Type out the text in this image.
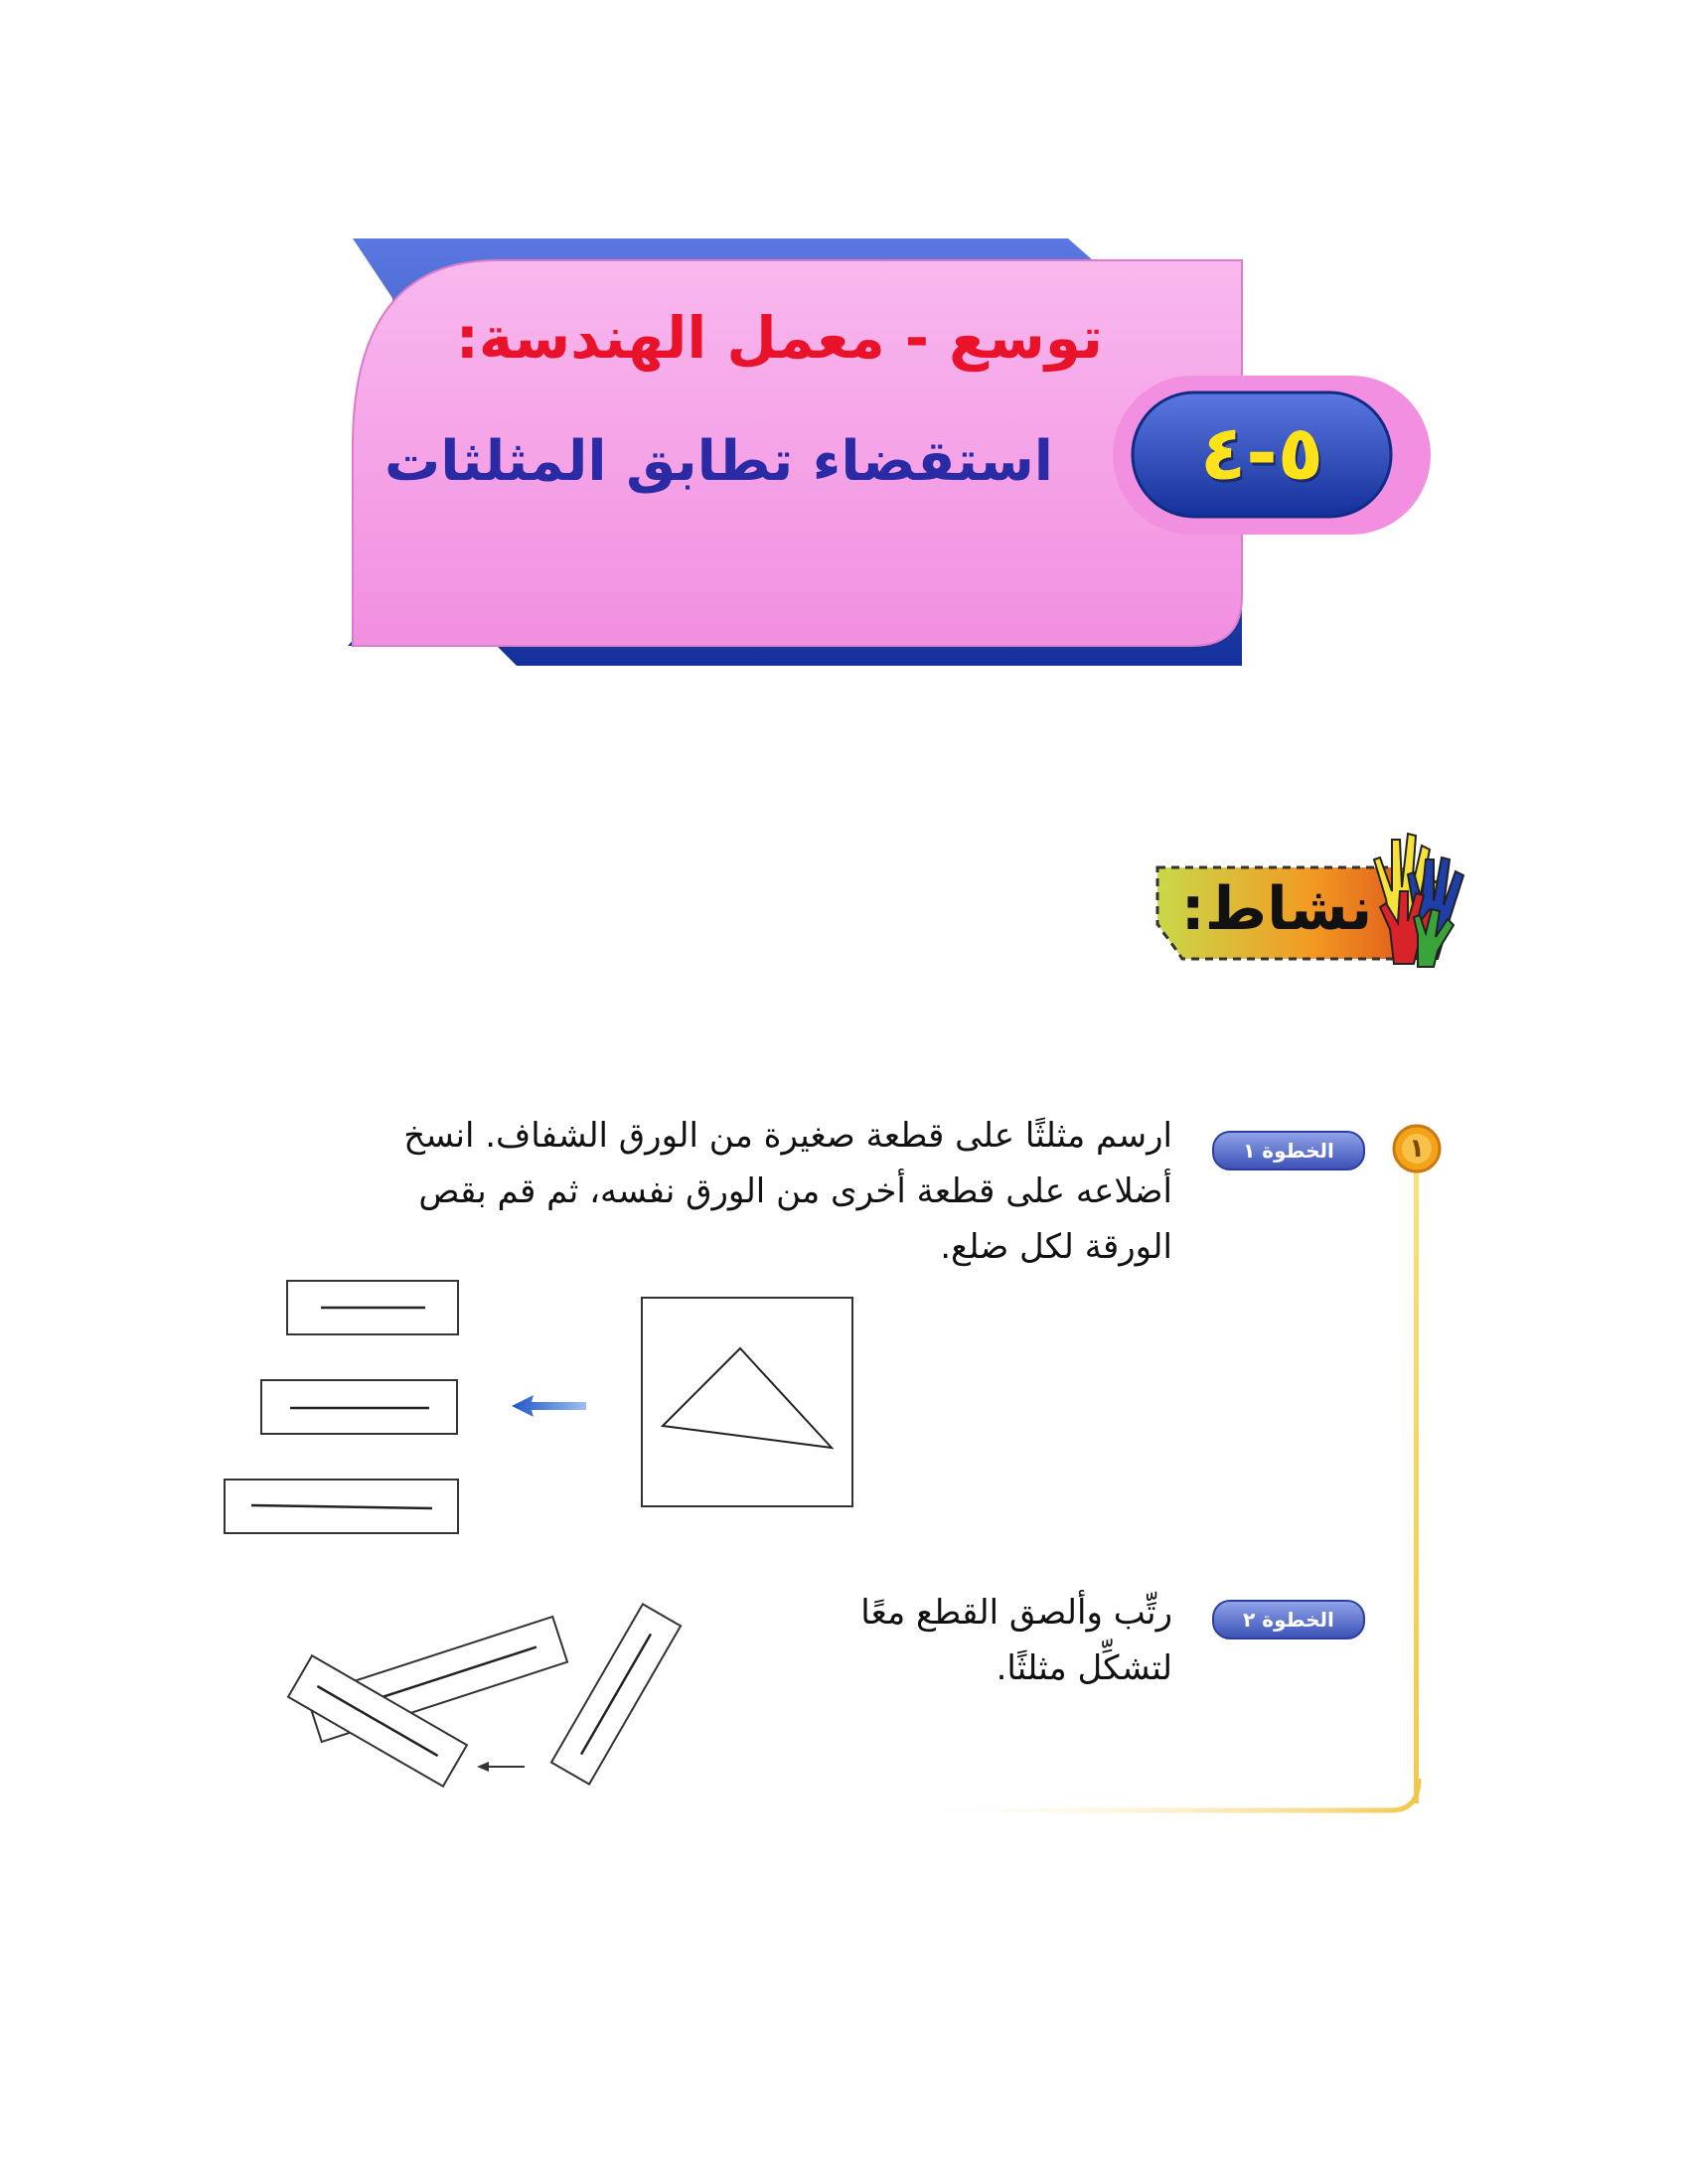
توسع - معمل الهندسة:
استقضاء تطابق المثلثات	٥-٤
نشاط:
١
الخطوة ١
ارسم مثلثًا على قطعة صغيرة من الورق الشفاف. انسخ
أضلاعه على قطعة أخرى من الورق نفسه، ثم قم بقص
الورقة لكل ضلع.
الخطوة ٢
رتِّب وألصق القطع معًا
لتشكِّل مثلثًا.
